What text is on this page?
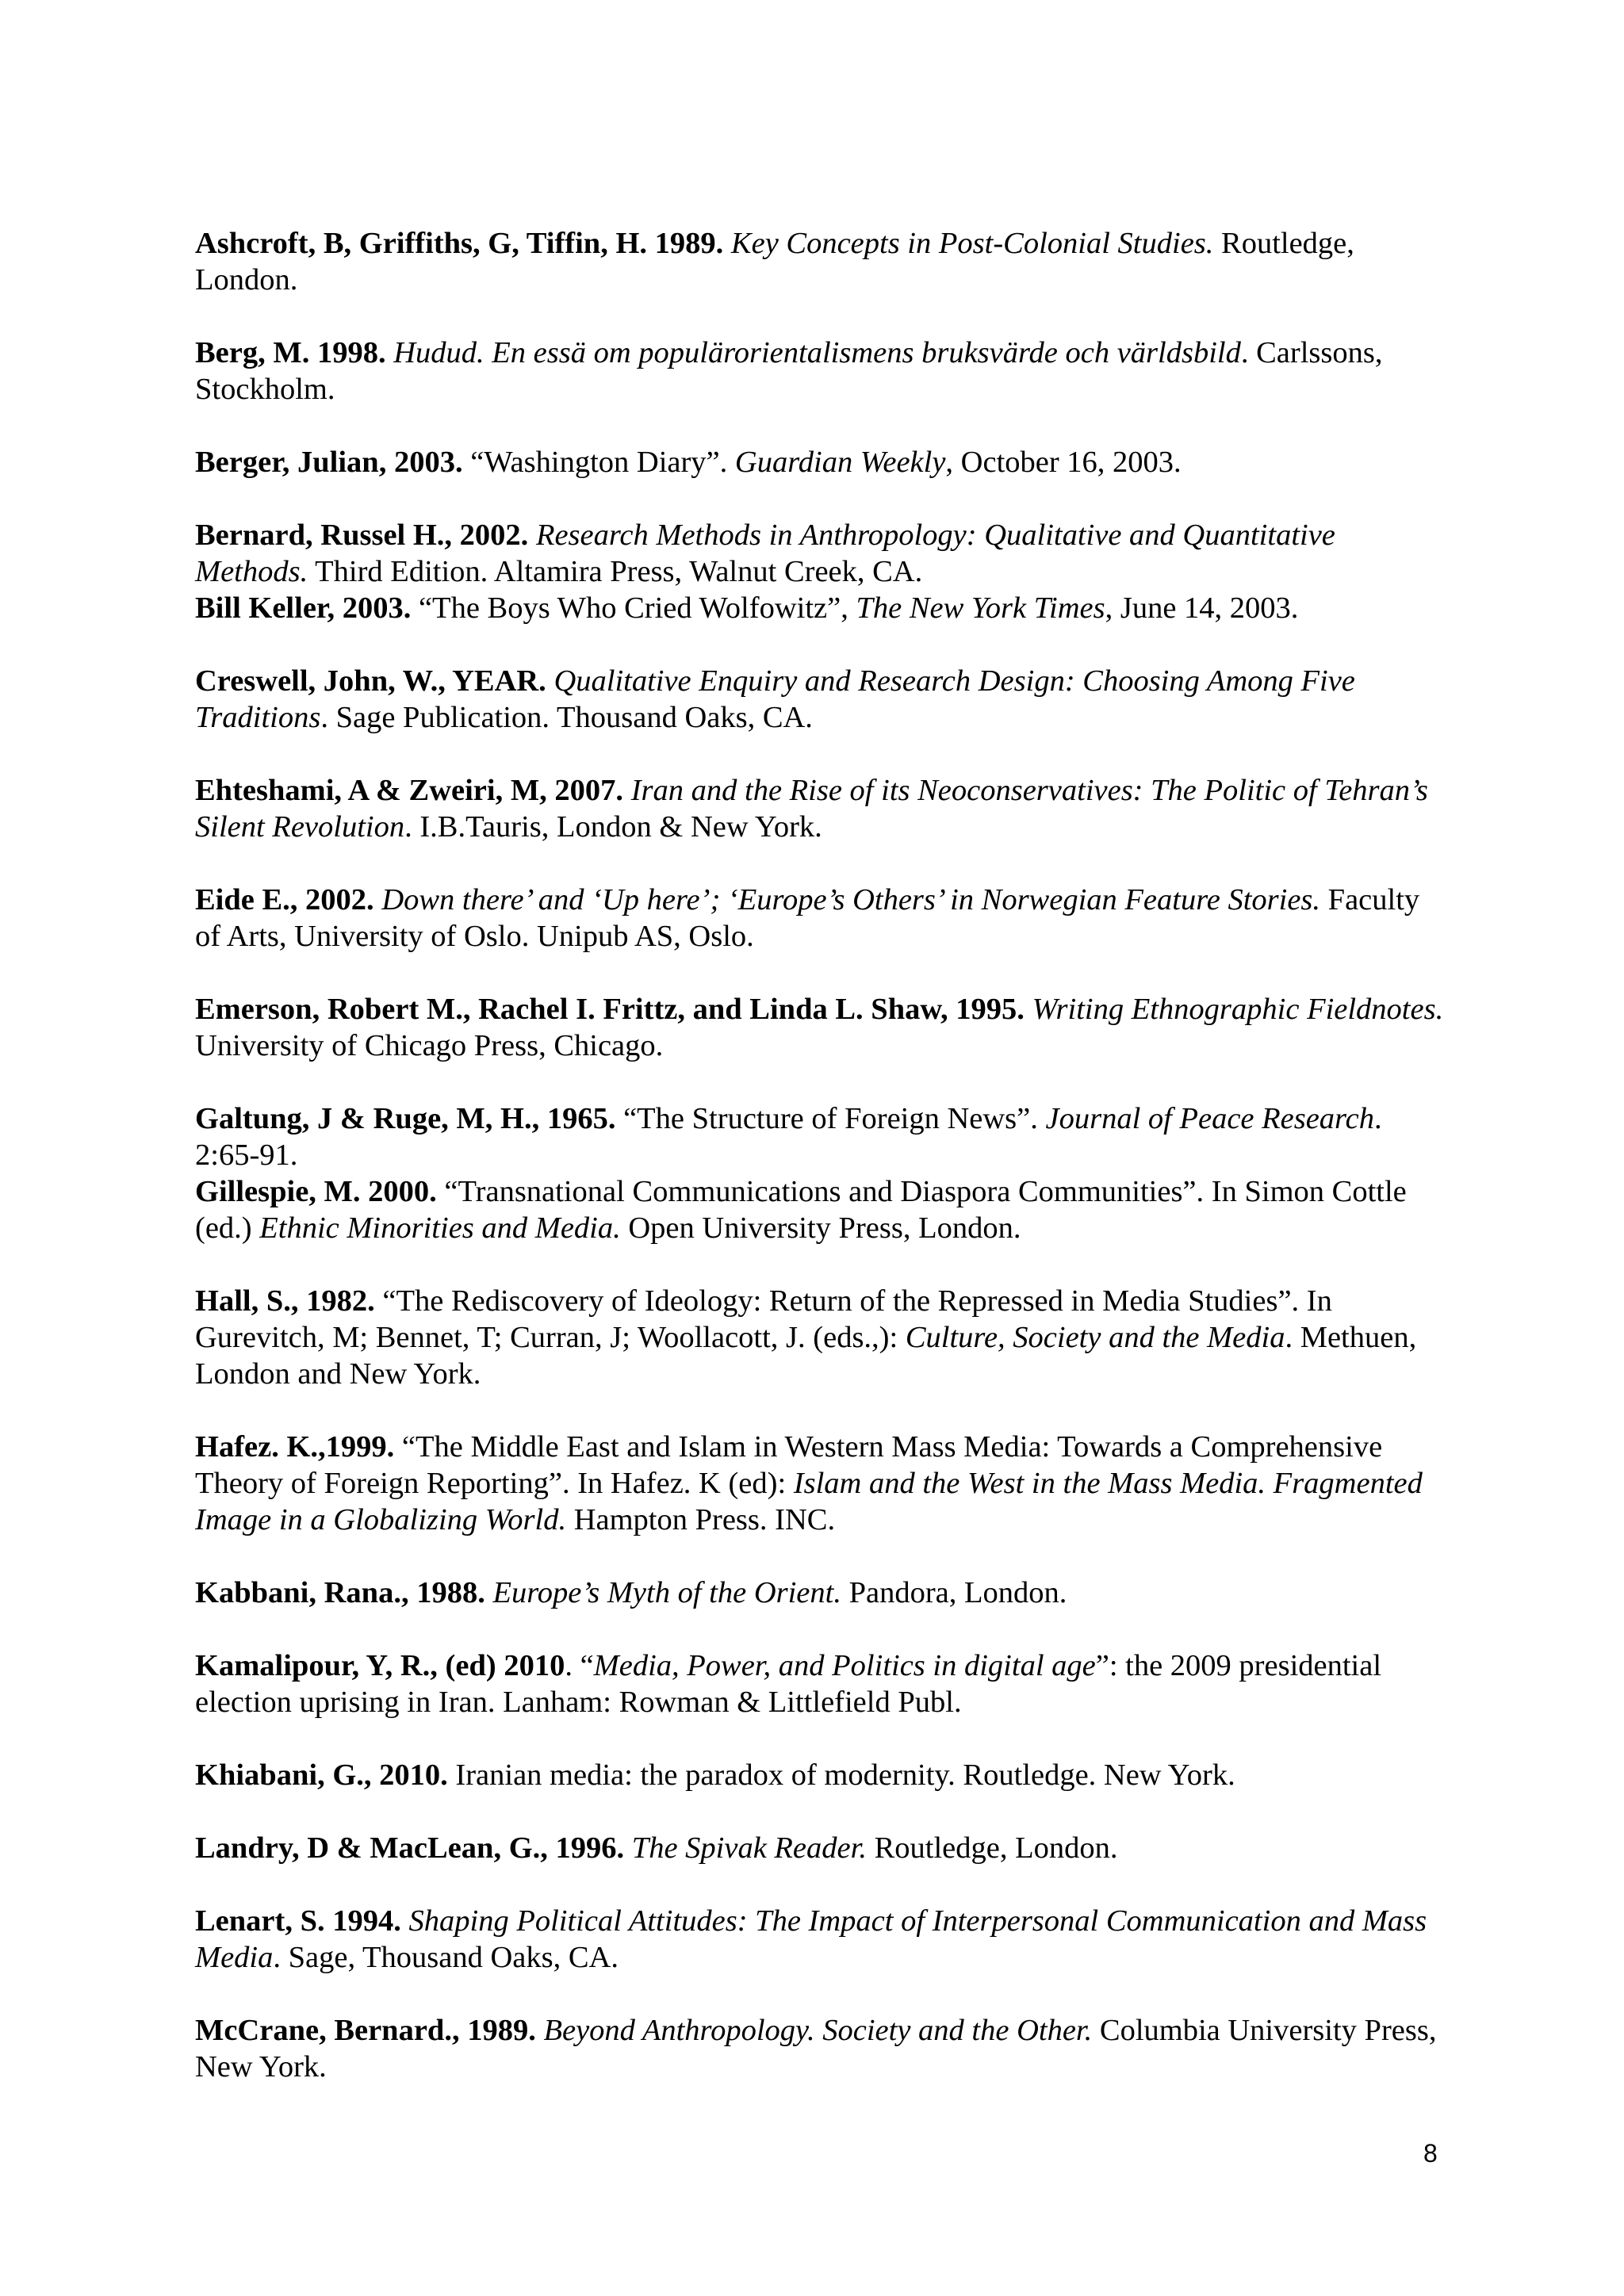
Ashcroft, B, Griffiths, G, Tiffin, H. 1989. Key Concepts in Post-Colonial Studies. Routledge, London.

Berg, M. 1998. Hudud. En essä om populärorientalismens bruksvärde och världsbild. Carlssons, Stockholm.

Berger, Julian, 2003. “Washington Diary”. Guardian Weekly, October 16, 2003.

Bernard, Russel H., 2002. Research Methods in Anthropology: Qualitative and Quantitative Methods. Third Edition. Altamira Press, Walnut Creek, CA.

Bill Keller, 2003. “The Boys Who Cried Wolfowitz”, The New York Times, June 14, 2003.

Creswell, John, W., YEAR. Qualitative Enquiry and Research Design: Choosing Among Five Traditions. Sage Publication. Thousand Oaks, CA.

Ehteshami, A & Zweiri, M, 2007. Iran and the Rise of its Neoconservatives: The Politic of Tehran’s Silent Revolution. I.B.Tauris, London & New York.

Eide E., 2002. Down there’ and ‘Up here’; ‘Europe’s Others’ in Norwegian Feature Stories. Faculty of Arts, University of Oslo. Unipub AS, Oslo.

Emerson, Robert M., Rachel I. Frittz, and Linda L. Shaw, 1995. Writing Ethnographic Fieldnotes. University of Chicago Press, Chicago.

Galtung, J & Ruge, M, H., 1965. “The Structure of Foreign News”. Journal of Peace Research. 2:65-91.

Gillespie, M. 2000. “Transnational Communications and Diaspora Communities”. In Simon Cottle (ed.) Ethnic Minorities and Media. Open University Press, London.

Hall, S., 1982. “The Rediscovery of Ideology: Return of the Repressed in Media Studies”. In Gurevitch, M; Bennet, T; Curran, J; Woollacott, J. (eds.,): Culture, Society and the Media. Methuen, London and New York.

Hafez. K.,1999. “The Middle East and Islam in Western Mass Media: Towards a Comprehensive Theory of Foreign Reporting”. In Hafez. K (ed): Islam and the West in the Mass Media. Fragmented Image in a Globalizing World. Hampton Press. INC.

Kabbani, Rana., 1988. Europe’s Myth of the Orient. Pandora, London.

Kamalipour, Y, R., (ed) 2010. “Media, Power, and Politics in digital age”: the 2009 presidential election uprising in Iran. Lanham: Rowman & Littlefield Publ.

Khiabani, G., 2010. Iranian media: the paradox of modernity. Routledge. New York.

Landry, D & MacLean, G., 1996. The Spivak Reader. Routledge, London.

Lenart, S. 1994. Shaping Political Attitudes: The Impact of Interpersonal Communication and Mass Media. Sage, Thousand Oaks, CA.

McCrane, Bernard., 1989. Beyond Anthropology. Society and the Other. Columbia University Press, New York.

8
